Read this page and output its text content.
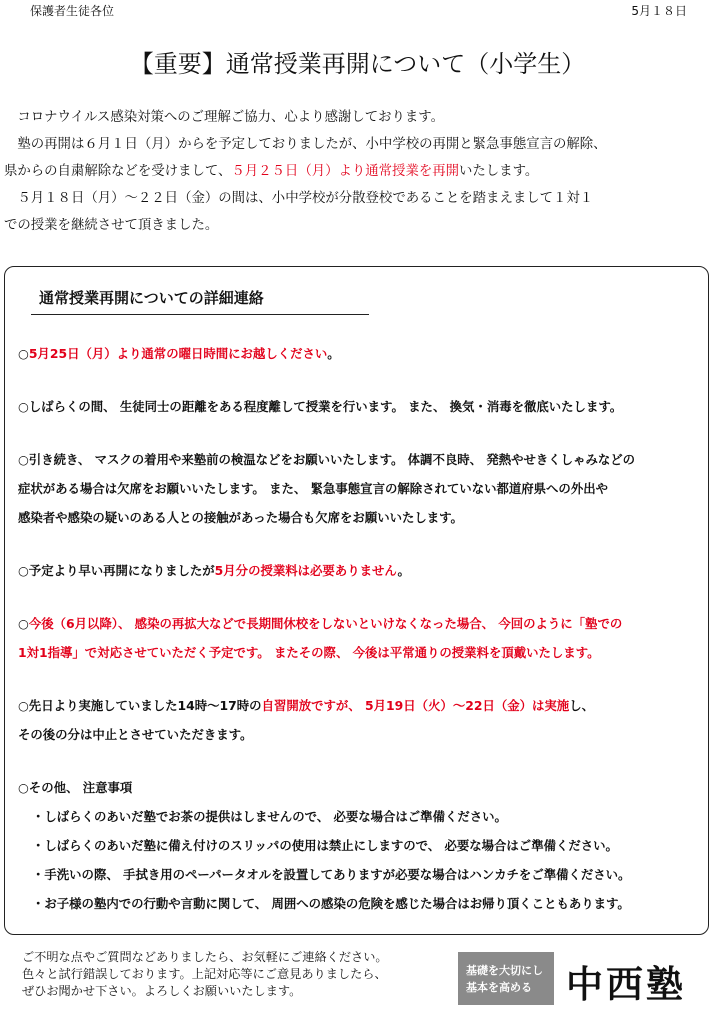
保護者生徒各位	5月１８日
【重要】通常授業再開について（小学生）

　コロナウイルス感染対策へのご理解ご協力、心より感謝しております。

　塾の再開は６月１日（月）からを予定しておりましたが、小中学校の再開と緊急事態宣言の解除、

県からの自粛解除などを受けまして、５月２５日（月）より通常授業を再開いたします。

　５月１８日（月）～２２日（金）の間は、小中学校が分散登校であることを踏まえまして１対１

での授業を継続させて頂きました。

通常授業再開についての詳細連絡

○5月25日（月）より通常の曜日時間にお越しください。

○しばらくの間、 生徒同士の距離をある程度離して授業を行います。 また、 換気・消毒を徹底いたします。

○引き続き、 マスクの着用や来塾前の検温などをお願いいたします。 体調不良時、 発熱やせきくしゃみなどの
症状がある場合は欠席をお願いいたします。 また、 緊急事態宣言の解除されていない都道府県への外出や
感染者や感染の疑いのある人との接触があった場合も欠席をお願いいたします。

○予定より早い再開になりましたが5月分の授業料は必要ありません。

○今後（6月以降）、 感染の再拡大などで長期間休校をしないといけなくなった場合、 今回のように「塾での
1対1指導」で対応させていただく予定です。 またその際、 今後は平常通りの授業料を頂戴いたします。

○先日より実施していました14時～17時の自習開放ですが、 5月19日（火）～22日（金）は実施し、
その後の分は中止とさせていただきます。

○その他、 注意事項
・しばらくのあいだ塾でお茶の提供はしませんので、 必要な場合はご準備ください。
・しばらくのあいだ塾に備え付けのスリッパの使用は禁止にしますので、 必要な場合はご準備ください。
・手洗いの際、 手拭き用のペーパータオルを設置してありますが必要な場合はハンカチをご準備ください。
・お子様の塾内での行動や言動に関して、 周囲への感染の危険を感じた場合はお帰り頂くこともあります。

ご不明な点やご質問などありましたら、お気軽にご連絡ください。

色々と試行錯誤しております。上記対応等にご意見ありましたら、

ぜひお聞かせ下さい。よろしくお願いいたします。

基礎を大切にし
基本を高める 中西塾
